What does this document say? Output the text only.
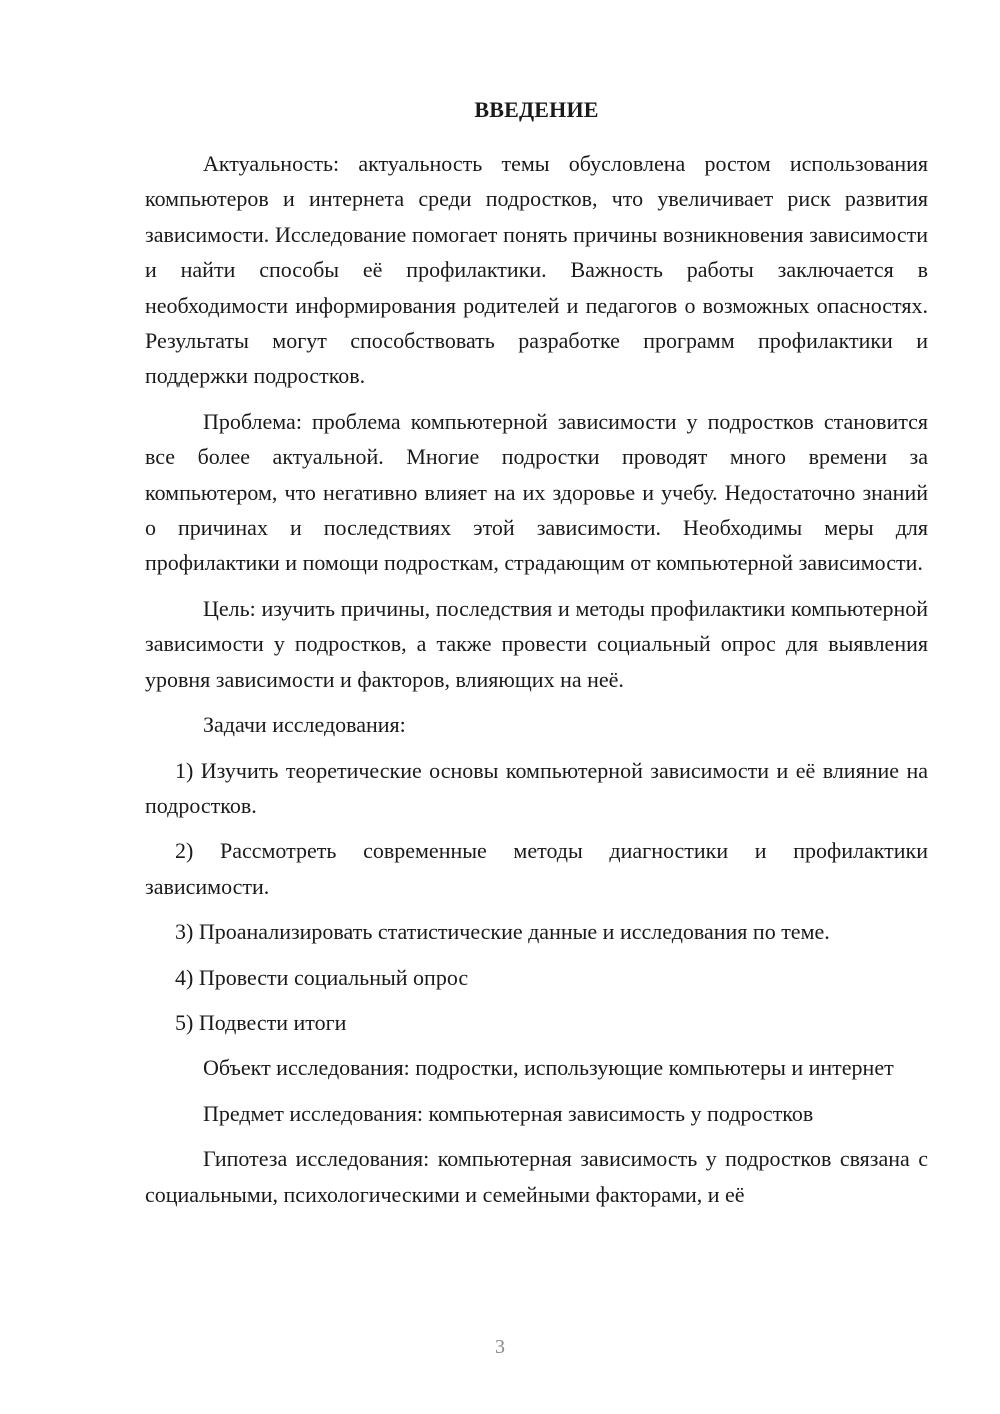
ВВЕДЕНИЕ

Актуальность: актуальность темы обусловлена ростом использования компьютеров и интернета среди подростков, что увеличивает риск развития зависимости. Исследование помогает понять причины возникновения зависимости и найти способы её профилактики. Важность работы заключается в необходимости информирования родителей и педагогов о возможных опасностях. Результаты могут способствовать разработке программ профилактики и поддержки подростков.

Проблема: проблема компьютерной зависимости у подростков становится все более актуальной. Многие подростки проводят много времени за компьютером, что негативно влияет на их здоровье и учебу. Недостаточно знаний о причинах и последствиях этой зависимости. Необходимы меры для профилактики и помощи подросткам, страдающим от компьютерной зависимости.

Цель: изучить причины, последствия и методы профилактики компьютерной зависимости у подростков, а также провести социальный опрос для выявления уровня зависимости и факторов, влияющих на неё.

Задачи исследования:

1) Изучить теоретические основы компьютерной зависимости и её влияние на подростков.

2) Рассмотреть современные методы диагностики и профилактики зависимости.

3) Проанализировать статистические данные и исследования по теме.

4) Провести социальный опрос

5) Подвести итоги

Объект исследования: подростки, использующие компьютеры и интернет

Предмет исследования: компьютерная зависимость у подростков

Гипотеза исследования: компьютерная зависимость у подростков связана с социальными, психологическими и семейными факторами, и её

3
